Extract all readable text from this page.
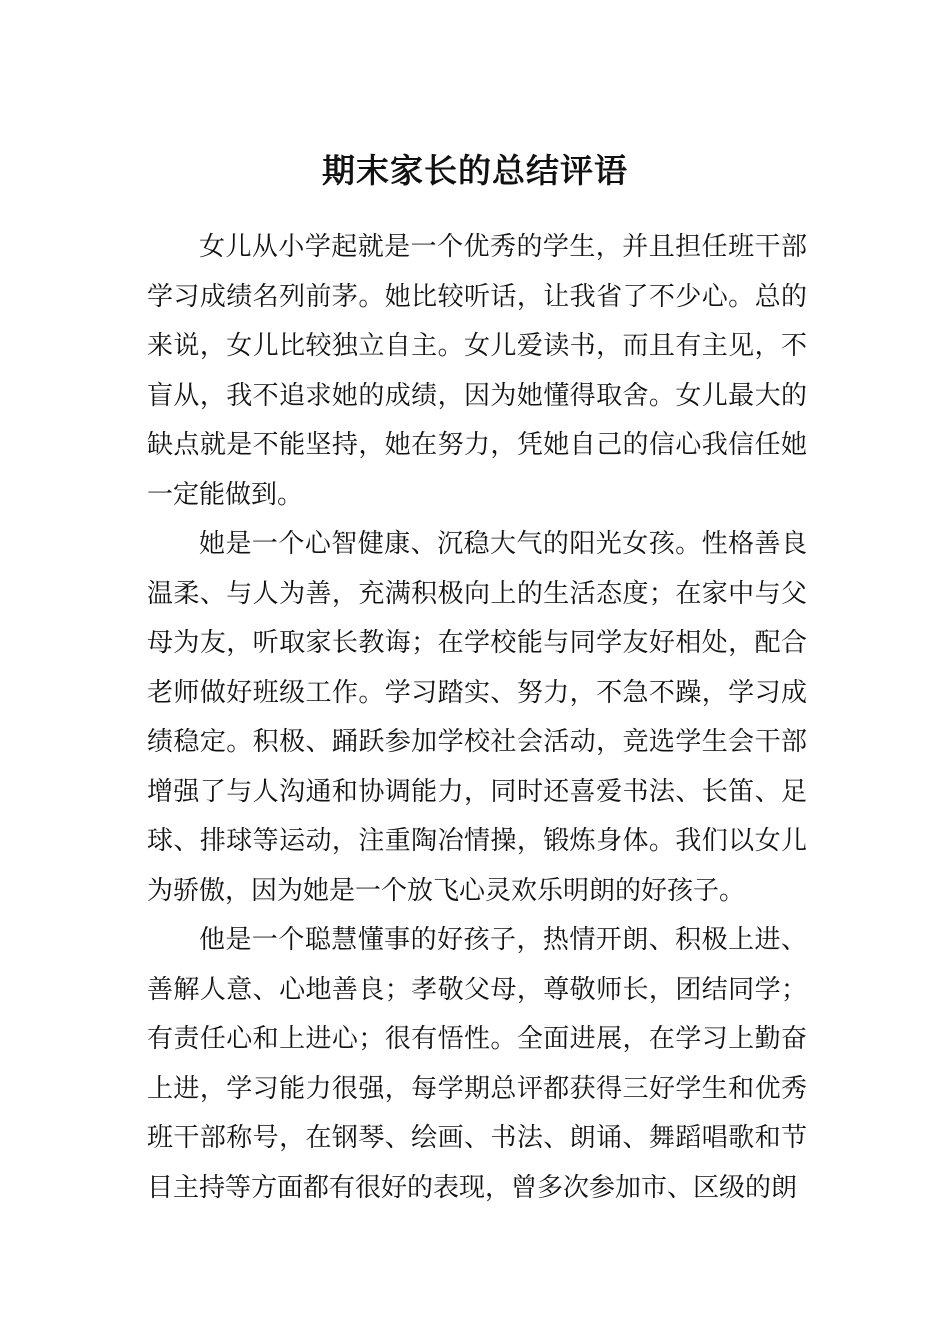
期末家长的总结评语

女儿从小学起就是一个优秀的学生，并且担任班干部学习成绩名列前茅。她比较听话，让我省了不少心。总的来说，女儿比较独立自主。女儿爱读书，而且有主见，不盲从，我不追求她的成绩，因为她懂得取舍。女儿最大的缺点就是不能坚持，她在努力，凭她自己的信心我信任她一定能做到。

她是一个心智健康、沉稳大气的阳光女孩。性格善良温柔、与人为善，充满积极向上的生活态度；在家中与父母为友，听取家长教诲；在学校能与同学友好相处，配合老师做好班级工作。学习踏实、努力，不急不躁，学习成绩稳定。积极、踊跃参加学校社会活动，竞选学生会干部增强了与人沟通和协调能力，同时还喜爱书法、长笛、足球、排球等运动，注重陶冶情操，锻炼身体。我们以女儿为骄傲，因为她是一个放飞心灵欢乐明朗的好孩子。

他是一个聪慧懂事的好孩子，热情开朗、积极上进、善解人意、心地善良；孝敬父母，尊敬师长，团结同学；有责任心和上进心；很有悟性。全面进展，在学习上勤奋上进，学习能力很强，每学期总评都获得三好学生和优秀班干部称号，在钢琴、绘画、书法、朗诵、舞蹈唱歌和节目主持等方面都有很好的表现，曾多次参加市、区级的朗
